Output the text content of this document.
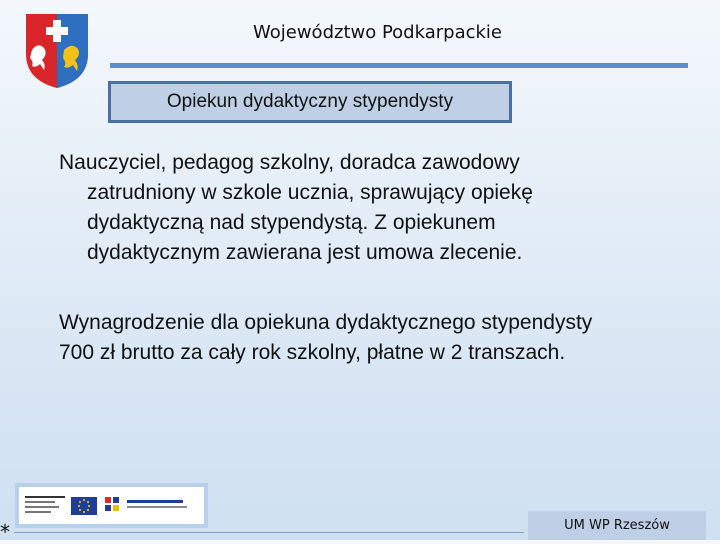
Województwo Podkarpackie
Opiekun dydaktyczny stypendysty
Nauczyciel, pedagog szkolny, doradca zawodowy
zatrudniony w szkole ucznia, sprawujący opiekę
dydaktyczną nad stypendystą. Z opiekunem
dydaktycznym zawierana jest umowa zlecenie.
Wynagrodzenie dla opiekuna dydaktycznego stypendysty
700 zł brutto za cały rok szkolny, płatne w 2 transzach.
*	UM WP Rzeszów
